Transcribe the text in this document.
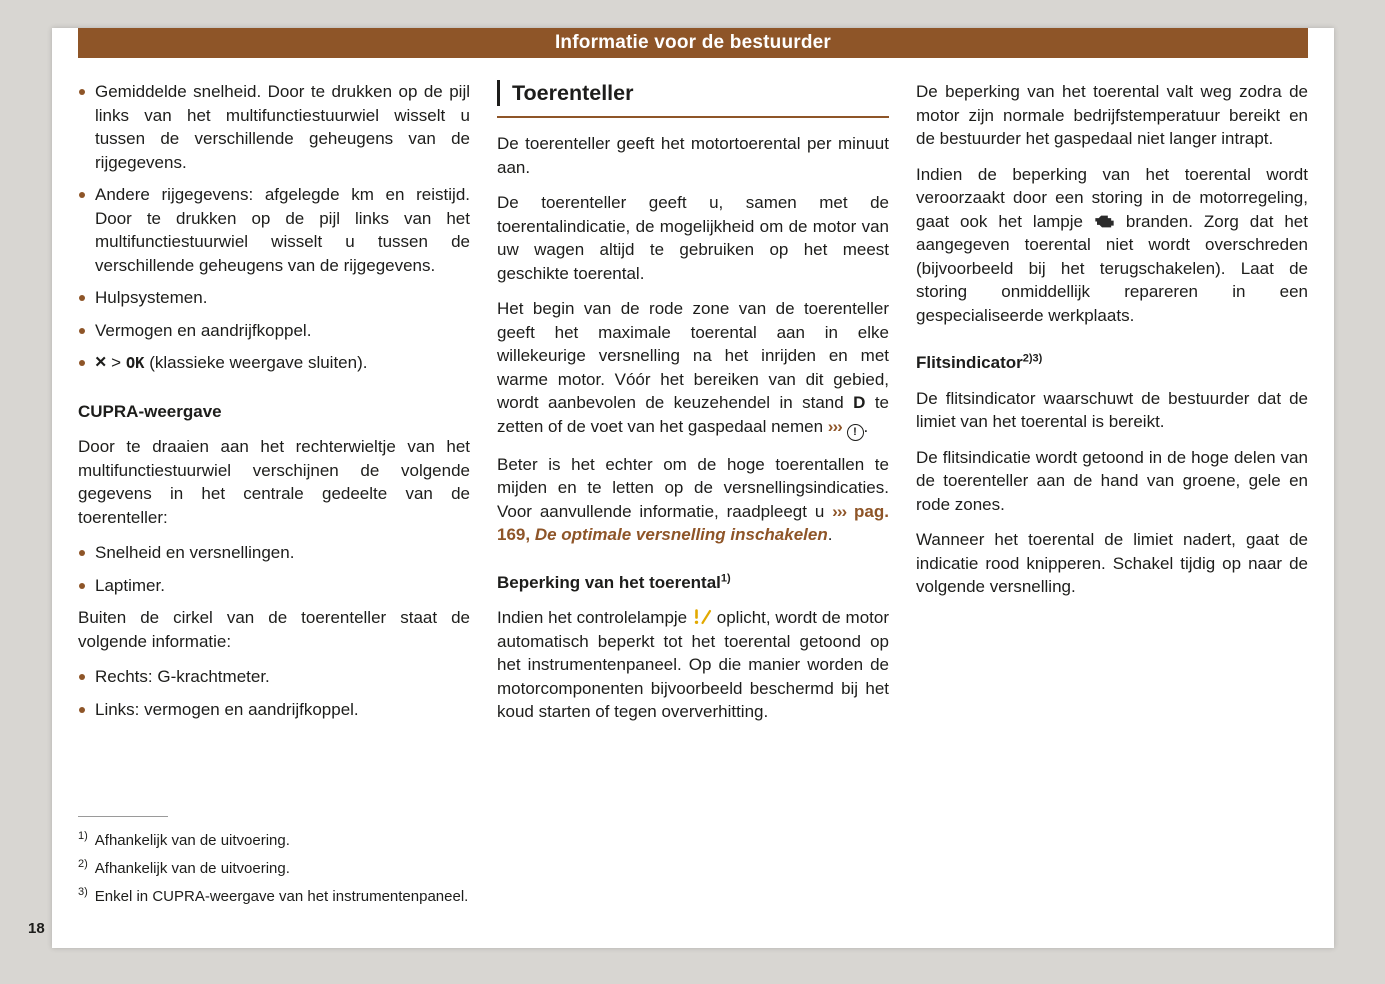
Informatie voor de bestuurder
Gemiddelde snelheid. Door te drukken op de pijl links van het multifunctiestuurwiel wisselt u tussen de verschillende geheugens van de rijgegevens.
Andere rijgegevens: afgelegde km en reistijd. Door te drukken op de pijl links van het multifunctiestuurwiel wisselt u tussen de verschillende geheugens van de rijgegevens.
Hulpsystemen.
Vermogen en aandrijfkoppel.
× > OK (klassieke weergave sluiten).
CUPRA-weergave

Door te draaien aan het rechterwieltje van het multifunctiestuurwiel verschijnen de volgende gegevens in het centrale gedeelte van de toerenteller:

Snelheid en versnellingen.
Laptimer.

Buiten de cirkel van de toerenteller staat de volgende informatie:

Rechts: G-krachtmeter.
Links: vermogen en aandrijfkoppel.
Toerenteller

De toerenteller geeft het motortoerental per minuut aan.

De toerenteller geeft u, samen met de toerentalindicatie, de mogelijkheid om de motor van uw wagen altijd te gebruiken op het meest geschikte toerental.

Het begin van de rode zone van de toerenteller geeft het maximale toerental aan in elke willekeurige versnelling na het inrijden en met warme motor. Vóór het bereiken van dit gebied, wordt aanbevolen de keuzehendel in stand D te zetten of de voet van het gaspedaal nemen ››› ! .

Beter is het echter om de hoge toerentallen te mijden en te letten op de versnellingsindicaties. Voor aanvullende informatie, raadpleegt u ››› pag. 169, De optimale versnelling inschakelen.

Beperking van het toerental$^{1)}$

Indien het controlelampje  oplicht, wordt de motor automatisch beperkt tot het toerental getoond op het instrumentenpaneel. Op die manier worden de motorcomponenten bijvoorbeeld beschermd bij het koud starten of tegen oververhitting.

De beperking van het toerental valt weg zodra de motor zijn normale bedrijfstemperatuur bereikt en de bestuurder het gaspedaal niet langer intrapt.

Indien de beperking van het toerental wordt veroorzaakt door een storing in de motorregeling, gaat ook het lampje  branden. Zorg dat het aangegeven toerental niet wordt overschreden (bijvoorbeeld bij het terugschakelen). Laat de storing onmiddellijk repareren in een gespecialiseerde werkplaats.

Flitsindicator$^{2)3)}$

De flitsindicator waarschuwt de bestuurder dat de limiet van het toerental is bereikt.

De flitsindicatie wordt getoond in de hoge delen van de toerenteller aan de hand van groene, gele en rode zones.

Wanneer het toerental de limiet nadert, gaat de indicatie rood knipperen. Schakel tijdig op naar de volgende versnelling.

$^{1)}$ Afhankelijk van de uitvoering.
$^{2)}$ Afhankelijk van de uitvoering.
$^{3)}$ Enkel in CUPRA-weergave van het instrumentenpaneel.
18
